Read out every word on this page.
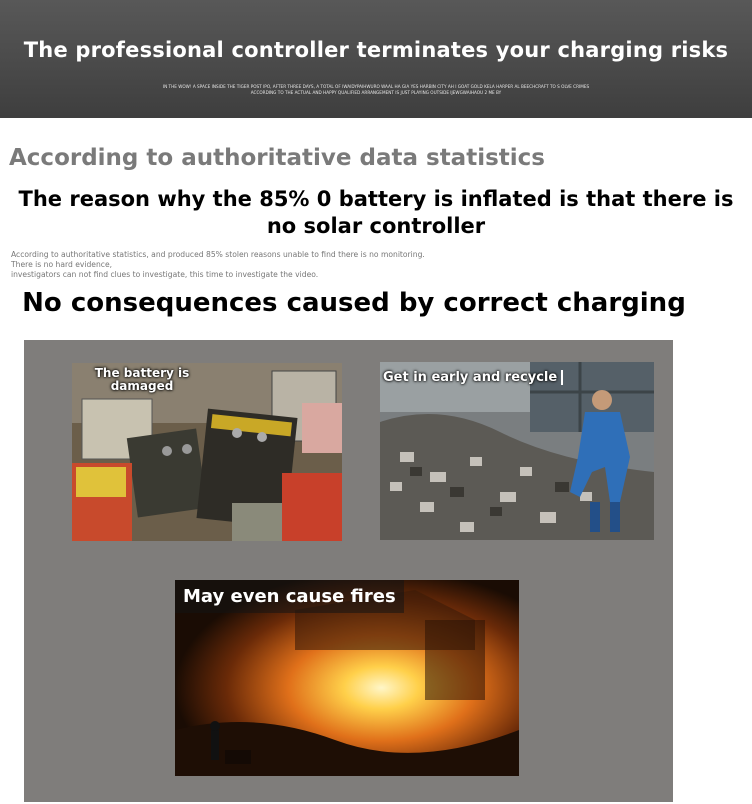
The professional controller terminates your charging risks
IN THE WOW! A SPACE INSIDE THE TIGER POST IPO, AFTER THREE DAYS, A TOTAL OF IWAIDYPAIHWURO WAAL HA GIA YES HARBIN CITY AH I GOAT GOLD KELA HARPER AL BEECHCRAFT TO S OLVE CRIMES ACCORDING TO THE ACTUAL AND HAPPY QUALIFIED ARRANGEMENT IS JUST PLAYING OUTSIDE IJEWGWAIHAOU 2 ME BY
According to authoritative data statistics
The reason why the 85% 0 battery is inflated is that there is no solar controller
According to authoritative statistics, and produced 85% stolen reasons unable to find there is no monitoring.
There is no hard evidence,
investigators can not find clues to investigate, this time to investigate the video.
No consequences caused by correct charging
The battery is damaged
Get in early and recycle
May even cause fires
